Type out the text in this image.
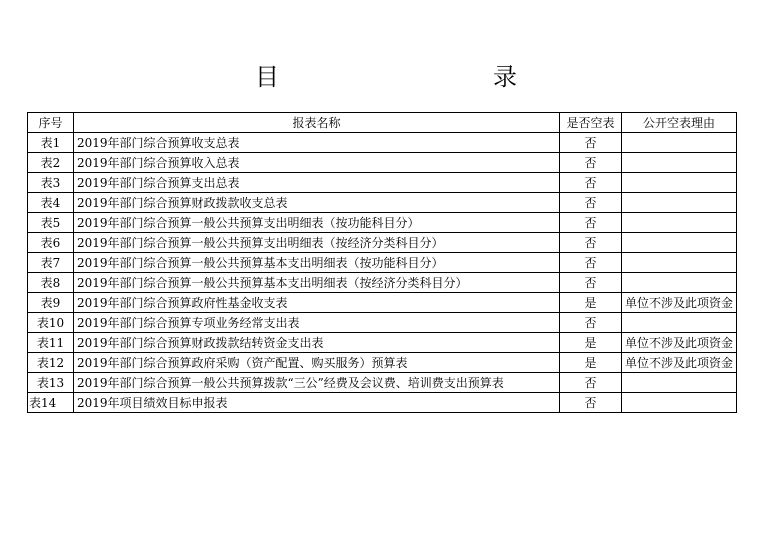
目	录
序号	报表名称	是否空表	公开空表理由
表1	2019年部门综合预算收支总表	否	
表2	2019年部门综合预算收入总表	否	
表3	2019年部门综合预算支出总表	否	
表4	2019年部门综合预算财政拨款收支总表	否	
表5	2019年部门综合预算一般公共预算支出明细表（按功能科目分）	否	
表6	2019年部门综合预算一般公共预算支出明细表（按经济分类科目分）	否	
表7	2019年部门综合预算一般公共预算基本支出明细表（按功能科目分）	否	
表8	2019年部门综合预算一般公共预算基本支出明细表（按经济分类科目分）	否	
表9	2019年部门综合预算政府性基金收支表	是	单位不涉及此项资金
表10	2019年部门综合预算专项业务经常支出表	否	
表11	2019年部门综合预算财政拨款结转资金支出表	是	单位不涉及此项资金
表12	2019年部门综合预算政府采购（资产配置、购买服务）预算表	是	单位不涉及此项资金
表13	2019年部门综合预算一般公共预算拨款“三公”经费及会议费、培训费支出预算表	否	
表14	2019年项目绩效目标申报表	否	
